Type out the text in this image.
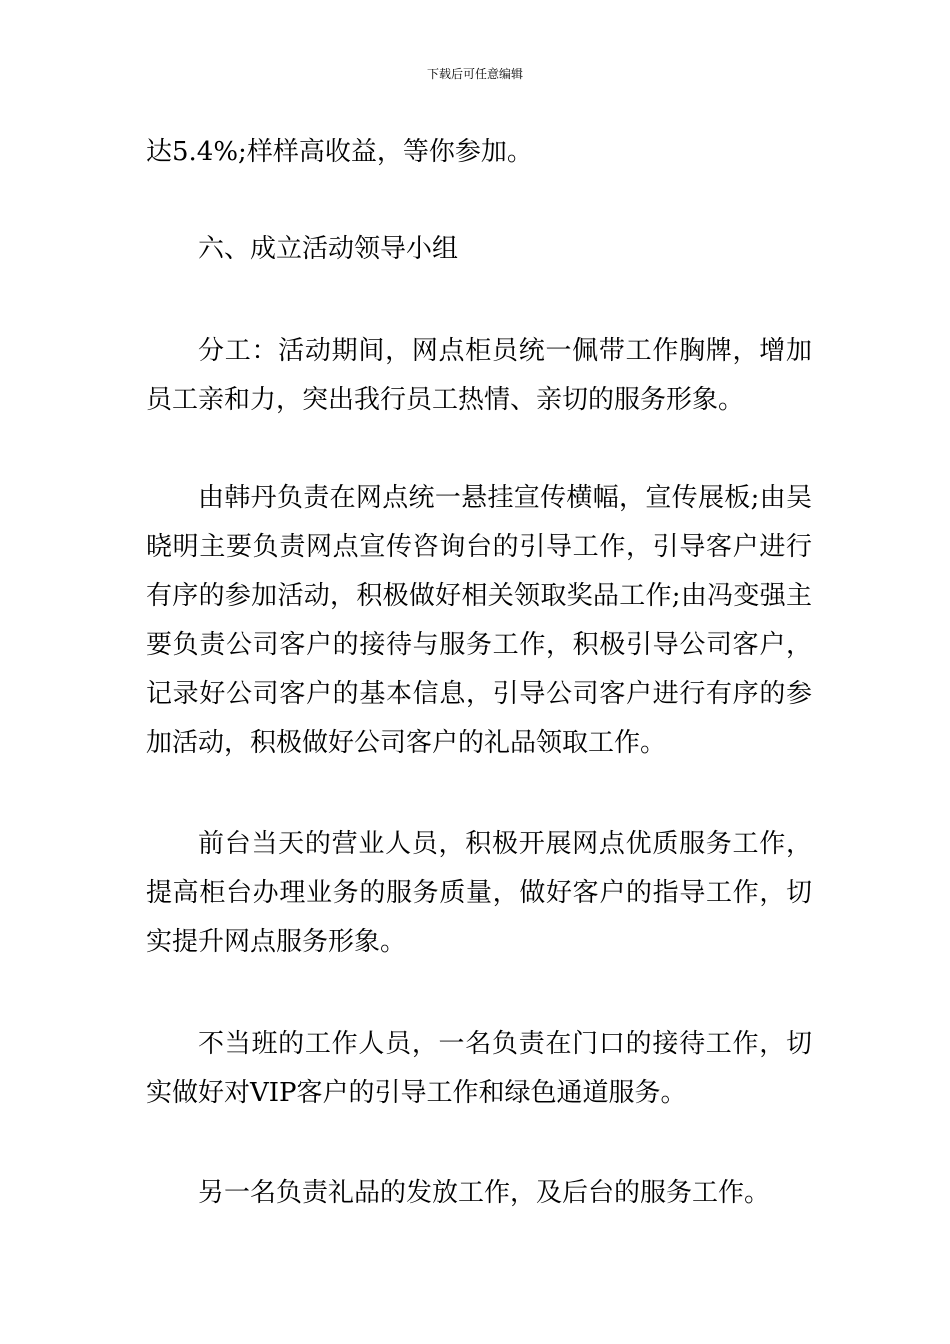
下载后可任意编辑

达5.4%;样样高收益，等你参加。

六、成立活动领导小组

分工：活动期间，网点柜员统一佩带工作胸牌，增加员工亲和力，突出我行员工热情、亲切的服务形象。

由韩丹负责在网点统一悬挂宣传横幅，宣传展板;由吴晓明主要负责网点宣传咨询台的引导工作，引导客户进行有序的参加活动，积极做好相关领取奖品工作;由冯变强主要负责公司客户的接待与服务工作，积极引导公司客户，记录好公司客户的基本信息，引导公司客户进行有序的参加活动，积极做好公司客户的礼品领取工作。

前台当天的营业人员，积极开展网点优质服务工作，提高柜台办理业务的服务质量，做好客户的指导工作，切实提升网点服务形象。

不当班的工作人员，一名负责在门口的接待工作，切实做好对VIP客户的引导工作和绿色通道服务。

另一名负责礼品的发放工作，及后台的服务工作。
